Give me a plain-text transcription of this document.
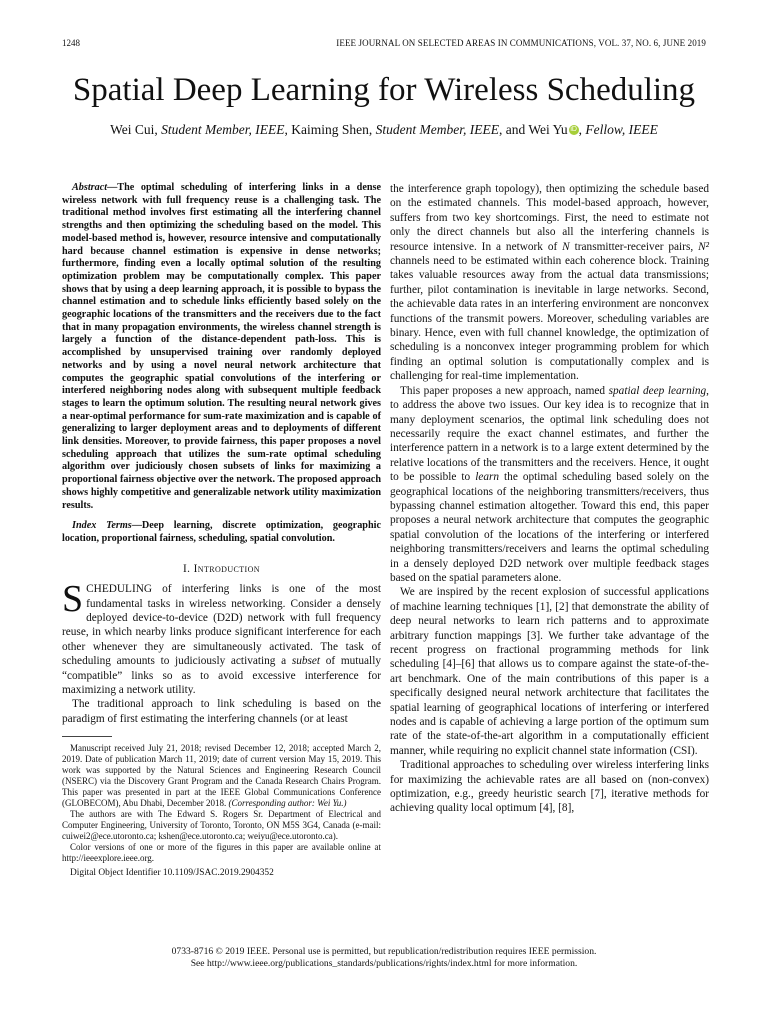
1248	IEEE JOURNAL ON SELECTED AREAS IN COMMUNICATIONS, VOL. 37, NO. 6, JUNE 2019
Spatial Deep Learning for Wireless Scheduling
Wei Cui, Student Member, IEEE, Kaiming Shen, Student Member, IEEE, and Wei Yu iD , Fellow, IEEE

Abstract—The optimal scheduling of interfering links in a dense wireless network with full frequency reuse is a challenging task. The traditional method involves first estimating all the interfering channel strengths and then optimizing the scheduling based on the model. This model-based method is, however, resource intensive and computationally hard because channel estimation is expensive in dense networks; furthermore, finding even a locally optimal solution of the resulting optimization problem may be computationally complex. This paper shows that by using a deep learning approach, it is possible to bypass the channel estimation and to schedule links efficiently based solely on the geographic locations of the transmitters and the receivers due to the fact that in many propagation environments, the wireless channel strength is largely a function of the distance-dependent path-loss. This is accomplished by unsupervised training over randomly deployed networks and by using a novel neural network architecture that computes the geographic spatial convolutions of the interfering or interfered neighboring nodes along with subsequent multiple feedback stages to learn the optimum solution. The resulting neural network gives a near-optimal performance for sum-rate maximization and is capable of generalizing to larger deployment areas and to deployments of different link densities. Moreover, to provide fairness, this paper proposes a novel scheduling approach that utilizes the sum-rate optimal scheduling algorithm over judiciously chosen subsets of links for maximizing a proportional fairness objective over the network. The proposed approach shows highly competitive and generalizable network utility maximization results.

Index Terms—Deep learning, discrete optimization, geographic location, proportional fairness, scheduling, spatial convolution.

I. Introduction

SCHEDULING of interfering links is one of the most fundamental tasks in wireless networking. Consider a densely deployed device-to-device (D2D) network with full frequency reuse, in which nearby links produce significant interference for each other whenever they are simultaneously activated. The task of scheduling amounts to judiciously activating a subset of mutually “compatible” links so as to avoid excessive interference for maximizing a network utility.

The traditional approach to link scheduling is based on the paradigm of first estimating the interfering channels (or at least

Manuscript received July 21, 2018; revised December 12, 2018; accepted March 2, 2019. Date of publication March 11, 2019; date of current version May 15, 2019. This work was supported by the Natural Sciences and Engineering Research Council (NSERC) via the Discovery Grant Program and the Canada Research Chairs Program. This paper was presented in part at the IEEE Global Communications Conference (GLOBECOM), Abu Dhabi, December 2018. (Corresponding author: Wei Yu.)

The authors are with The Edward S. Rogers Sr. Department of Electrical and Computer Engineering, University of Toronto, Toronto, ON M5S 3G4, Canada (e-mail: cuiwei2@ece.utoronto.ca; kshen@ece.utoronto.ca; weiyu@ece.utoronto.ca).

Color versions of one or more of the figures in this paper are available online at http://ieeexplore.ieee.org.

Digital Object Identifier 10.1109/JSAC.2019.2904352

the interference graph topology), then optimizing the schedule based on the estimated channels. This model-based approach, however, suffers from two key shortcomings. First, the need to estimate not only the direct channels but also all the interfering channels is resource intensive. In a network of N transmitter-receiver pairs, N² channels need to be estimated within each coherence block. Training takes valuable resources away from the actual data transmissions; further, pilot contamination is inevitable in large networks. Second, the achievable data rates in an interfering environment are nonconvex functions of the transmit powers. Moreover, scheduling variables are binary. Hence, even with full channel knowledge, the optimization of scheduling is a nonconvex integer programming problem for which finding an optimal solution is computationally complex and is challenging for real-time implementation.

This paper proposes a new approach, named spatial deep learning, to address the above two issues. Our key idea is to recognize that in many deployment scenarios, the optimal link scheduling does not necessarily require the exact channel estimates, and further the interference pattern in a network is to a large extent determined by the relative locations of the transmitters and the receivers. Hence, it ought to be possible to learn the optimal scheduling based solely on the geographical locations of the neighboring transmitters/receivers, thus bypassing channel estimation altogether. Toward this end, this paper proposes a neural network architecture that computes the geographic spatial convolution of the locations of the interfering or interfered neighboring transmitters/receivers and learns the optimal scheduling in a densely deployed D2D network over multiple feedback stages based on the spatial parameters alone.

We are inspired by the recent explosion of successful applications of machine learning techniques [1], [2] that demonstrate the ability of deep neural networks to learn rich patterns and to approximate arbitrary function mappings [3]. We further take advantage of the recent progress on fractional programming methods for link scheduling [4]–[6] that allows us to compare against the state-of-the-art benchmark. One of the main contributions of this paper is a specifically designed neural network architecture that facilitates the spatial learning of geographical locations of interfering or interfered nodes and is capable of achieving a large portion of the optimum sum rate of the state-of-the-art algorithm in a computationally efficient manner, while requiring no explicit channel state information (CSI).

Traditional approaches to scheduling over wireless interfering links for maximizing the achievable rates are all based on (non-convex) optimization, e.g., greedy heuristic search [7], iterative methods for achieving quality local optimum [4], [8],

0733-8716 © 2019 IEEE. Personal use is permitted, but republication/redistribution requires IEEE permission.
See http://www.ieee.org/publications_standards/publications/rights/index.html for more information.
